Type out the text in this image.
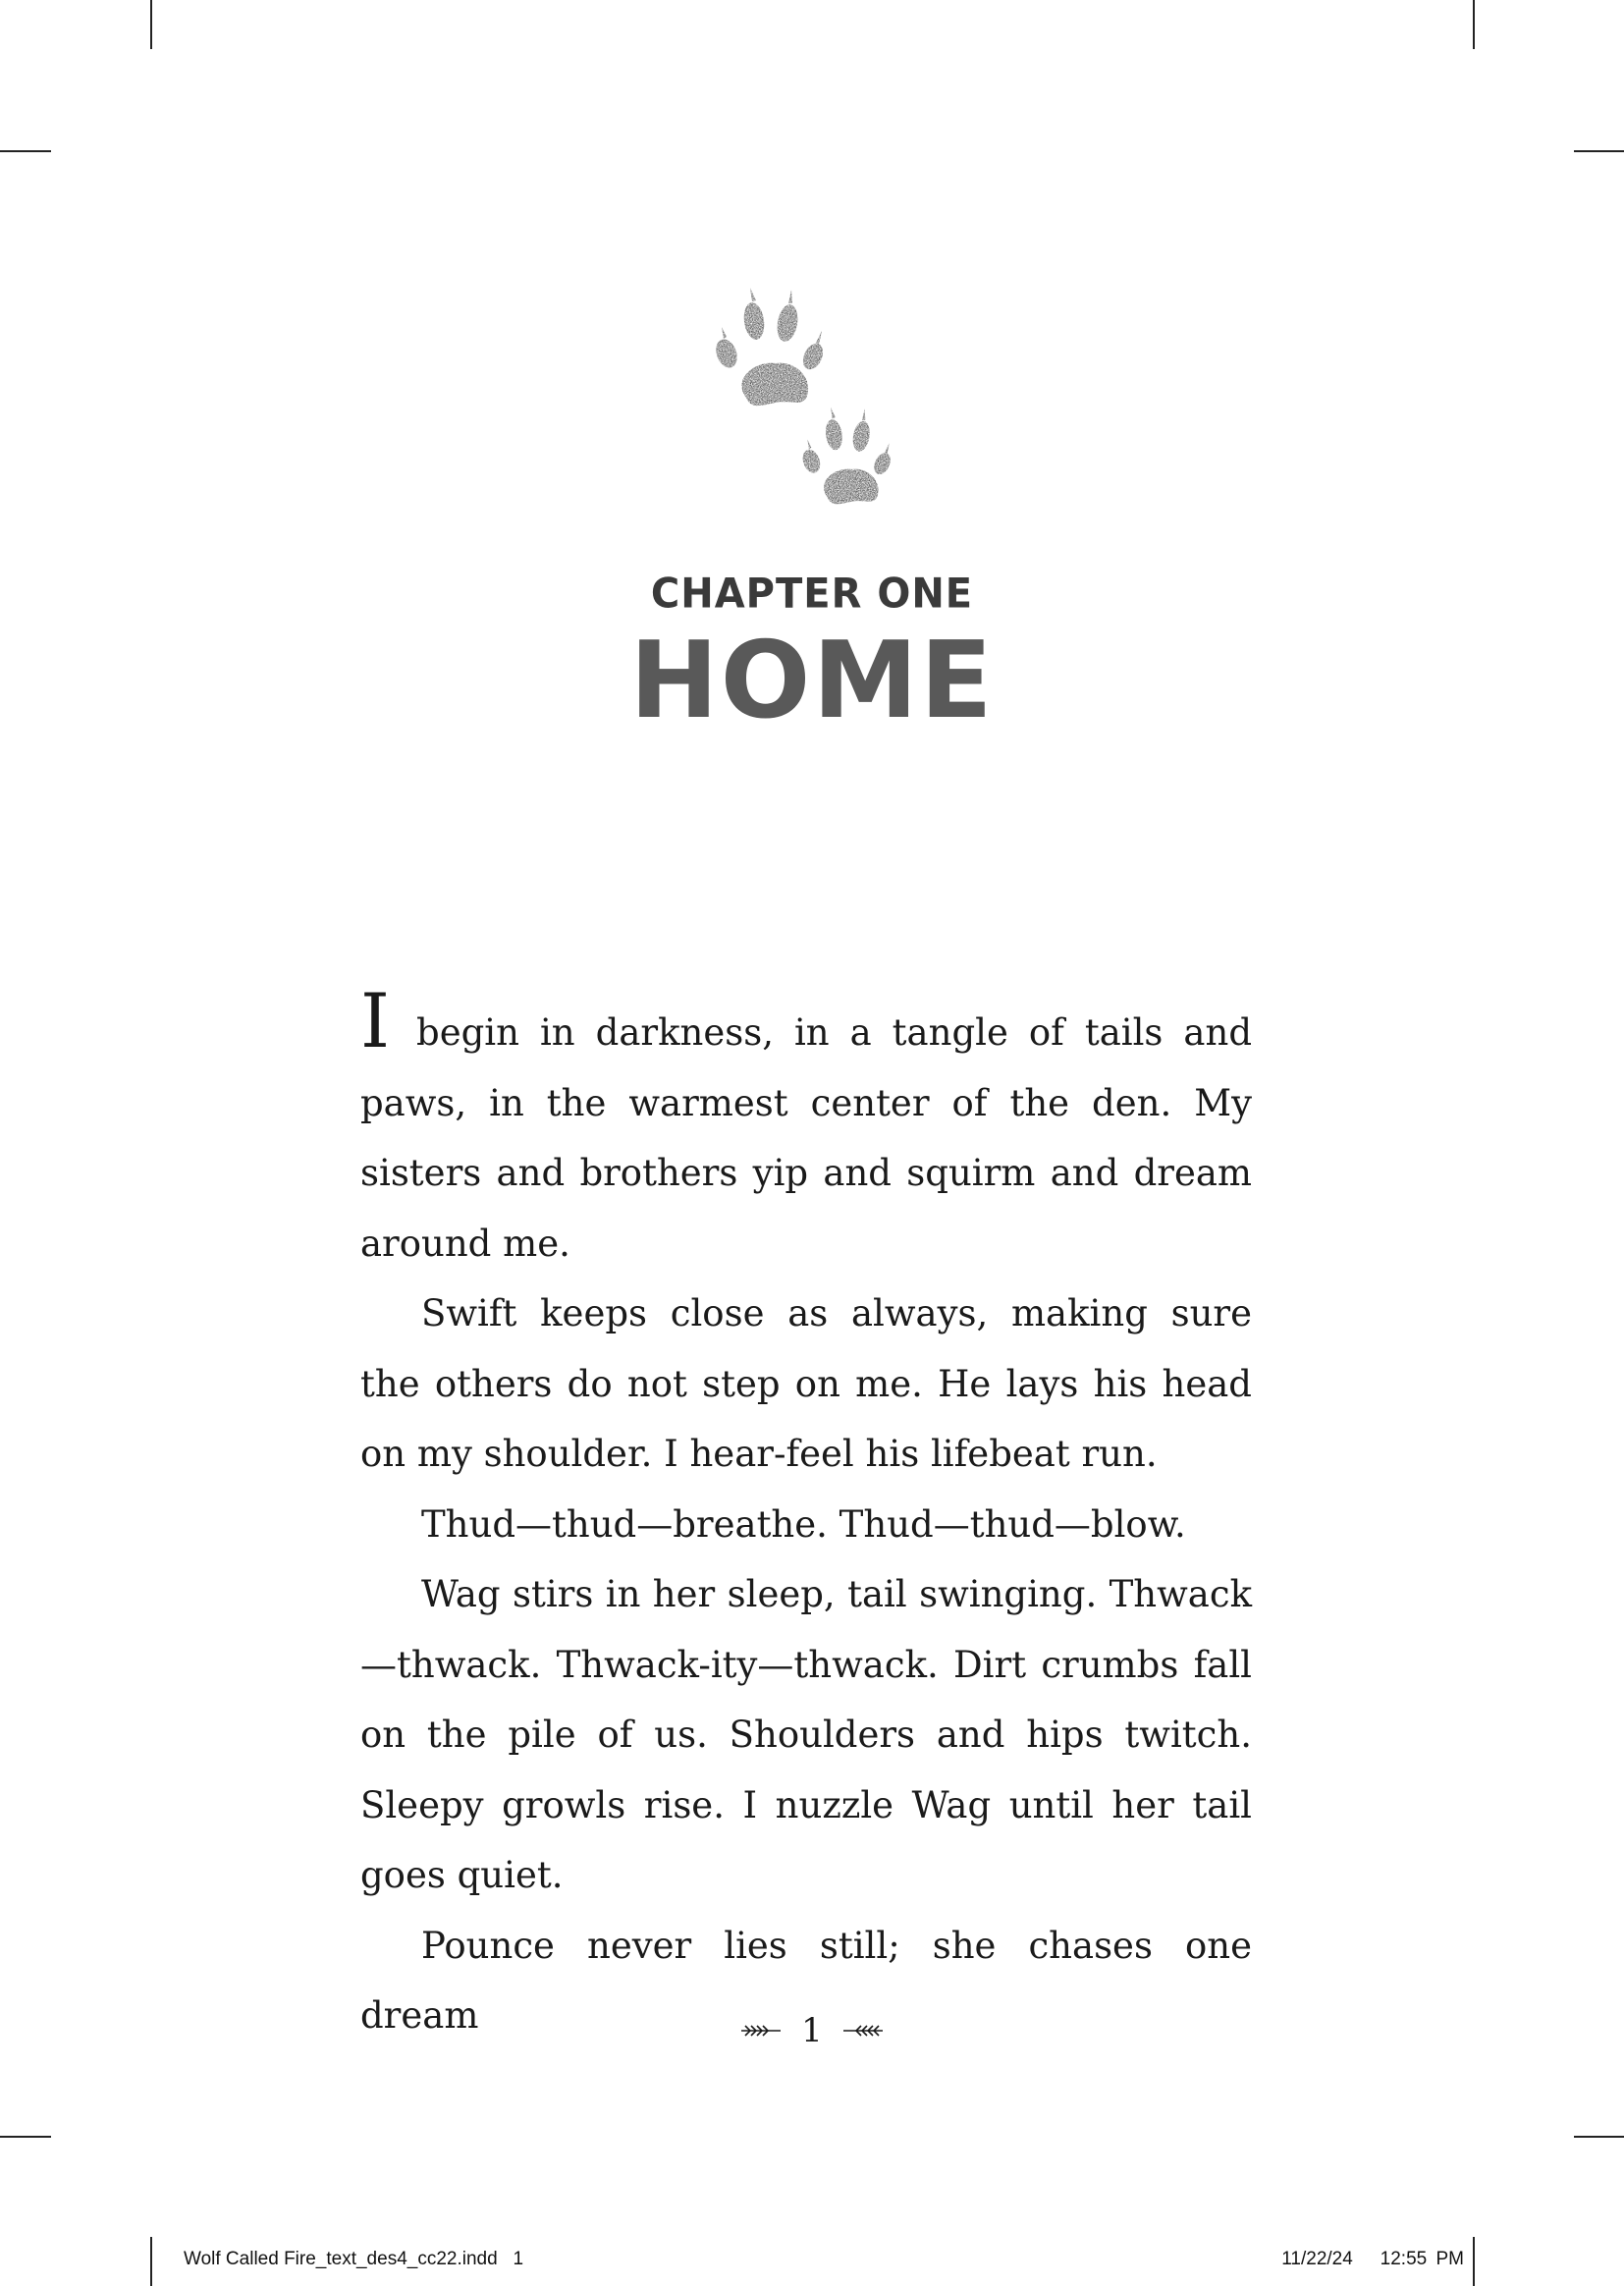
CHAPTER ONE
HOME

I begin in darkness, in a tangle of tails and paws, in the warmest center of the den. My sisters and brothers yip and squirm and dream around me.

Swift keeps close as always, making sure the others do not step on me. He lays his head on my shoulder. I hear-feel his lifebeat run.

Thud—thud—breathe. Thud—thud—blow.

Wag stirs in her sleep, tail swinging. Thwack—thwack. Thwack-ity—thwack. Dirt crumbs fall on the pile of us. Shoulders and hips twitch. Sleepy growls rise. I nuzzle Wag until her tail goes quiet.

Pounce never lies still; she chases one dream	1
Wolf Called Fire_text_des4_cc22.indd   1	11/22/24 12:55 PM
